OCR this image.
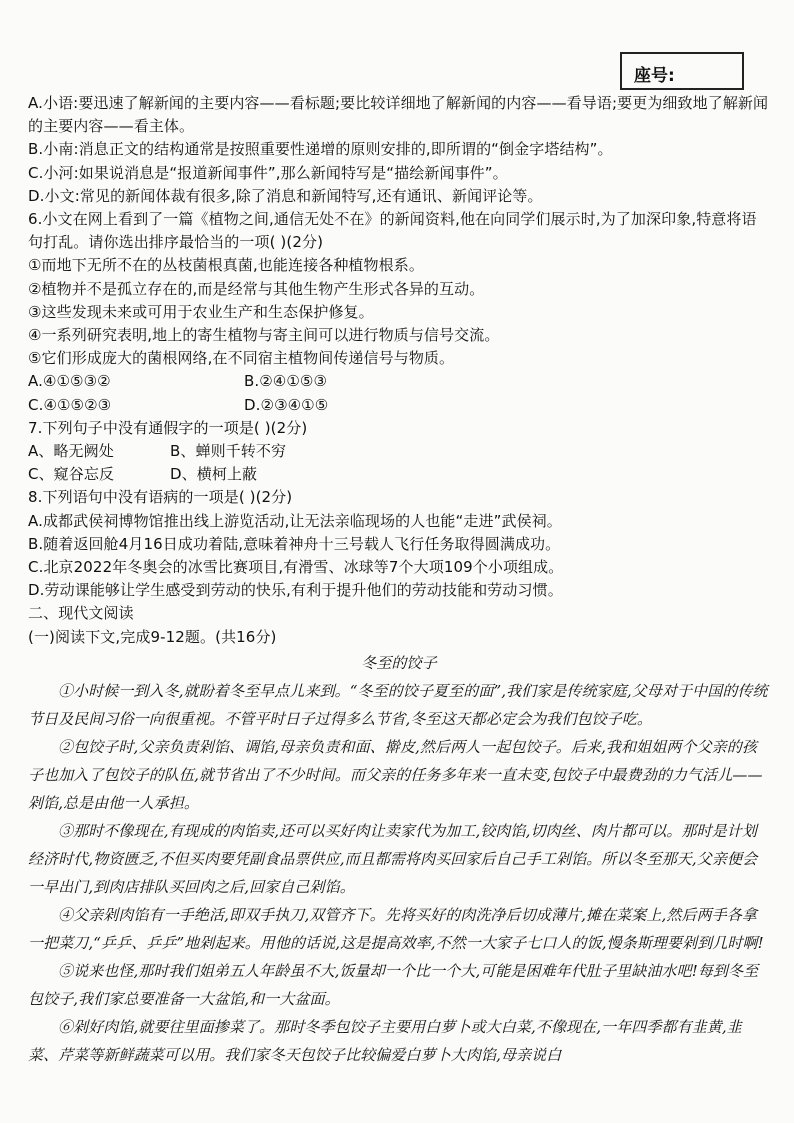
座号:

A.小语:要迅速了解新闻的主要内容——看标题;要比较详细地了解新闻的内容——看导语;要更为细致地了解新闻的主要内容——看主体。

B.小南:消息正文的结构通常是按照重要性递增的原则安排的,即所谓的“倒金字塔结构”。

C.小河:如果说消息是“报道新闻事件”,那么新闻特写是“描绘新闻事件”。

D.小文:常见的新闻体裁有很多,除了消息和新闻特写,还有通讯、新闻评论等。

6.小文在网上看到了一篇《植物之间,通信无处不在》的新闻资料,他在向同学们展示时,为了加深印象,特意将语句打乱。请你选出排序最恰当的一项( )(2分)

①而地下无所不在的丛枝菌根真菌,也能连接各种植物根系。

②植物并不是孤立存在的,而是经常与其他生物产生形式各异的互动。

③这些发现未来或可用于农业生产和生态保护修复。

④一系列研究表明,地上的寄生植物与寄主间可以进行物质与信号交流。

⑤它们形成庞大的菌根网络,在不同宿主植物间传递信号与物质。

A.④①⑤③②	B.②④①⑤③

C.④①⑤②③	D.②③④①⑤

7.下列句子中没有通假字的一项是( )(2分)

A、略无阙处	B、蝉则千转不穷

C、窥谷忘反	D、横柯上蔽

8.下列语句中没有语病的一项是( )(2分)

A.成都武侯祠博物馆推出线上游览活动,让无法亲临现场的人也能“走进”武侯祠。

B.随着返回舱4月16日成功着陆,意味着神舟十三号载人飞行任务取得圆满成功。

C.北京2022年冬奥会的冰雪比赛项目,有滑雪、冰球等7个大项109个小项组成。

D.劳动课能够让学生感受到劳动的快乐,有利于提升他们的劳动技能和劳动习惯。

二、现代文阅读

(一)阅读下文,完成9-12题。(共16分)

冬至的饺子

①小时候一到入冬,就盼着冬至早点儿来到。“冬至的饺子夏至的面”,我们家是传统家庭,父母对于中国的传统节日及民间习俗一向很重视。不管平时日子过得多么节省,冬至这天都必定会为我们包饺子吃。

②包饺子时,父亲负责剁馅、调馅,母亲负责和面、擀皮,然后两人一起包饺子。后来,我和姐姐两个父亲的孩子也加入了包饺子的队伍,就节省出了不少时间。而父亲的任务多年来一直未变,包饺子中最费劲的力气活儿——剁馅,总是由他一人承担。

③那时不像现在,有现成的肉馅卖,还可以买好肉让卖家代为加工,铰肉馅,切肉丝、肉片都可以。那时是计划经济时代,物资匮乏,不但买肉要凭副食品票供应,而且都需将肉买回家后自己手工剁馅。所以冬至那天,父亲便会一早出门,到肉店排队买回肉之后,回家自己剁馅。

④父亲剁肉馅有一手绝活,即双手执刀,双管齐下。先将买好的肉洗净后切成薄片,摊在菜案上,然后两手各拿一把菜刀,“乒乒、乒乒”地剁起来。用他的话说,这是提高效率,不然一大家子七口人的饭,慢条斯理要剁到几时啊!

⑤说来也怪,那时我们姐弟五人年龄虽不大,饭量却一个比一个大,可能是困难年代肚子里缺油水吧!每到冬至包饺子,我们家总要准备一大盆馅,和一大盆面。

⑥剁好肉馅,就要往里面掺菜了。那时冬季包饺子主要用白萝卜或大白菜,不像现在,一年四季都有韭黄,韭菜、芹菜等新鲜蔬菜可以用。我们家冬天包饺子比较偏爱白萝卜大肉馅,母亲说白
